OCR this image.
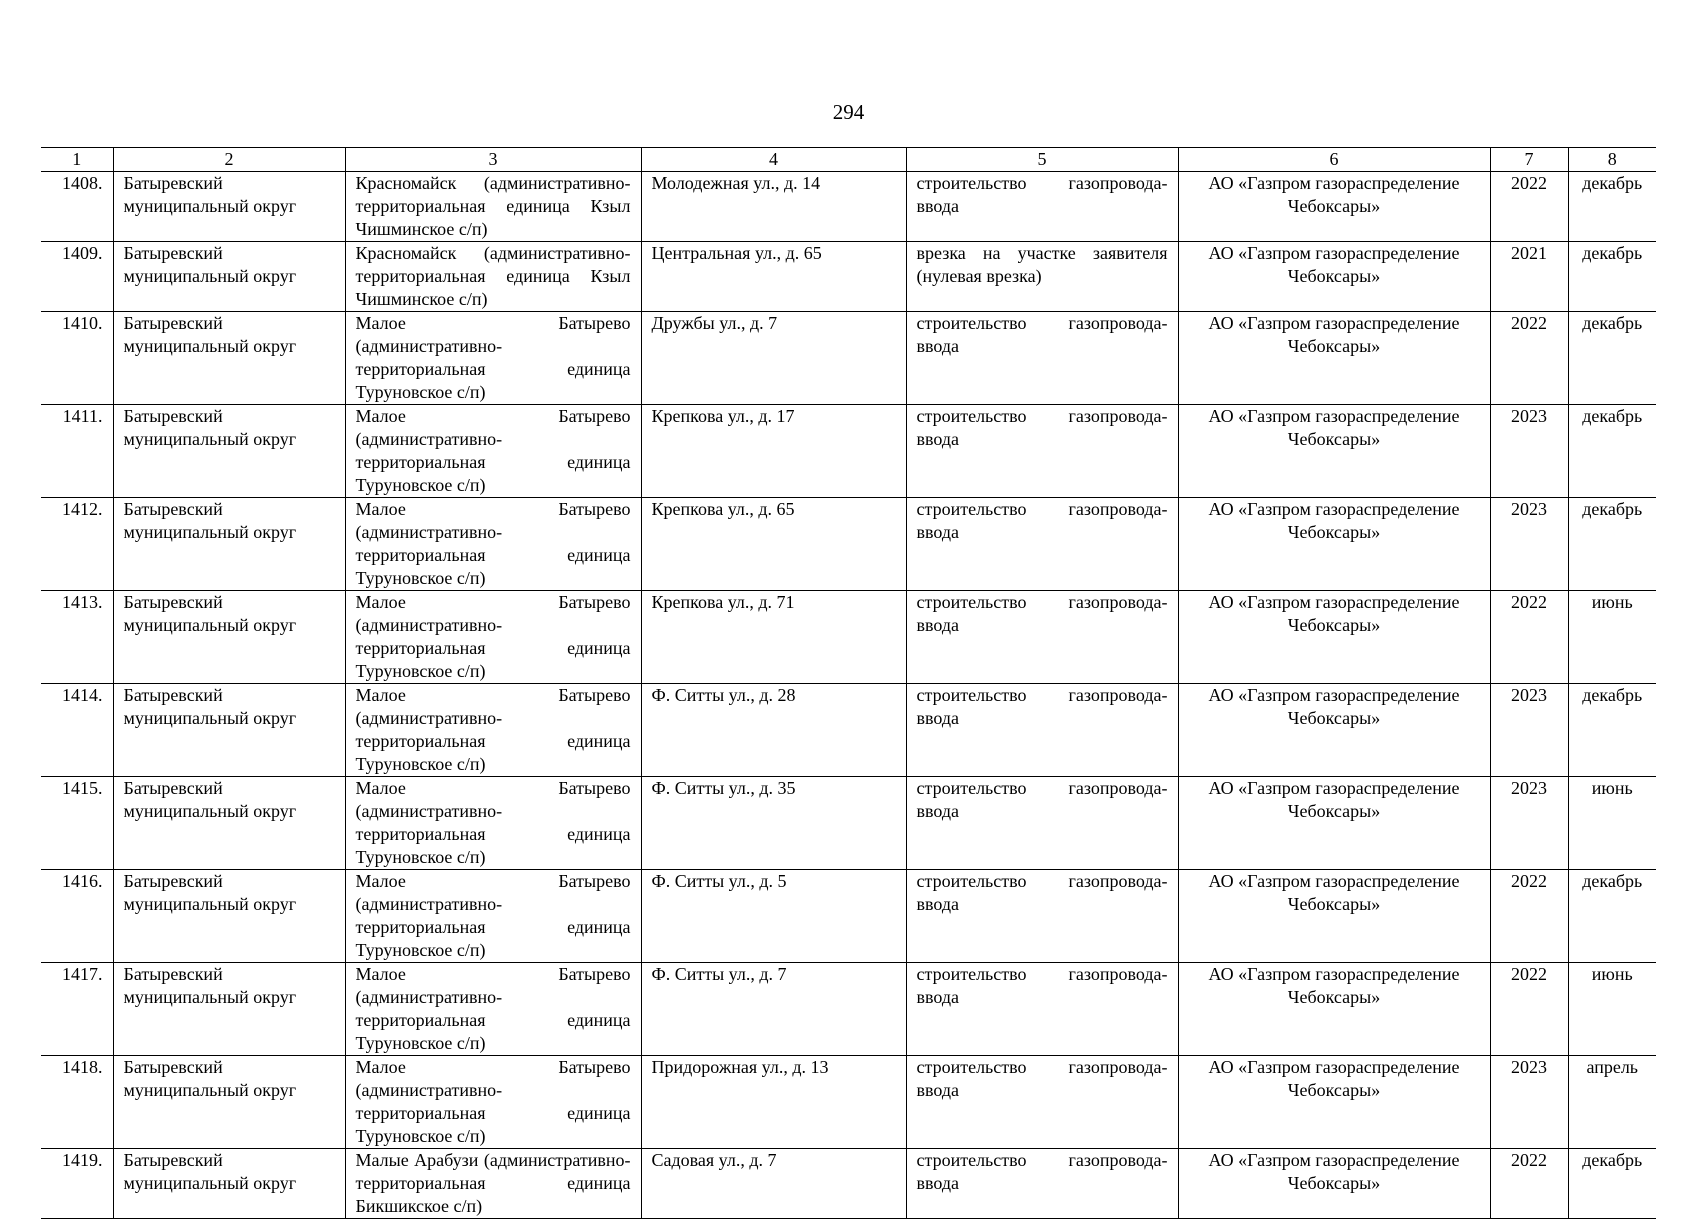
294
1	2	3	4	5	6	7	8
1408.	Батыревский муниципальный округ	Красномайск (административно-территориальная единица Кзыл Чишминское с/п)	Молодежная ул., д. 14	строительство газопровода-ввода	АО «Газпром газораспределение Чебоксары»	2022	декабрь
1409.	Батыревский муниципальный округ	Красномайск (административно-территориальная единица Кзыл Чишминское с/п)	Центральная ул., д. 65	врезка на участке заявителя (нулевая врезка)	АО «Газпром газораспределение Чебоксары»	2021	декабрь
1410.	Батыревский муниципальный округ	Малое Батырево (административно-территориальная единица Туруновское с/п)	Дружбы ул., д. 7	строительство газопровода-ввода	АО «Газпром газораспределение Чебоксары»	2022	декабрь
1411.	Батыревский муниципальный округ	Малое Батырево (административно-территориальная единица Туруновское с/п)	Крепкова ул., д. 17	строительство газопровода-ввода	АО «Газпром газораспределение Чебоксары»	2023	декабрь
1412.	Батыревский муниципальный округ	Малое Батырево (административно-территориальная единица Туруновское с/п)	Крепкова ул., д. 65	строительство газопровода-ввода	АО «Газпром газораспределение Чебоксары»	2023	декабрь
1413.	Батыревский муниципальный округ	Малое Батырево (административно-территориальная единица Туруновское с/п)	Крепкова ул., д. 71	строительство газопровода-ввода	АО «Газпром газораспределение Чебоксары»	2022	июнь
1414.	Батыревский муниципальный округ	Малое Батырево (административно-территориальная единица Туруновское с/п)	Ф. Ситты ул., д. 28	строительство газопровода-ввода	АО «Газпром газораспределение Чебоксары»	2023	декабрь
1415.	Батыревский муниципальный округ	Малое Батырево (административно-территориальная единица Туруновское с/п)	Ф. Ситты ул., д. 35	строительство газопровода-ввода	АО «Газпром газораспределение Чебоксары»	2023	июнь
1416.	Батыревский муниципальный округ	Малое Батырево (административно-территориальная единица Туруновское с/п)	Ф. Ситты ул., д. 5	строительство газопровода-ввода	АО «Газпром газораспределение Чебоксары»	2022	декабрь
1417.	Батыревский муниципальный округ	Малое Батырево (административно-территориальная единица Туруновское с/п)	Ф. Ситты ул., д. 7	строительство газопровода-ввода	АО «Газпром газораспределение Чебоксары»	2022	июнь
1418.	Батыревский муниципальный округ	Малое Батырево (административно-территориальная единица Туруновское с/п)	Придорожная ул., д. 13	строительство газопровода-ввода	АО «Газпром газораспределение Чебоксары»	2023	апрель
1419.	Батыревский муниципальный округ	Малые Арабузи (административно-территориальная единица Бикшикское с/п)	Садовая ул., д. 7	строительство газопровода-ввода	АО «Газпром газораспределение Чебоксары»	2022	декабрь
